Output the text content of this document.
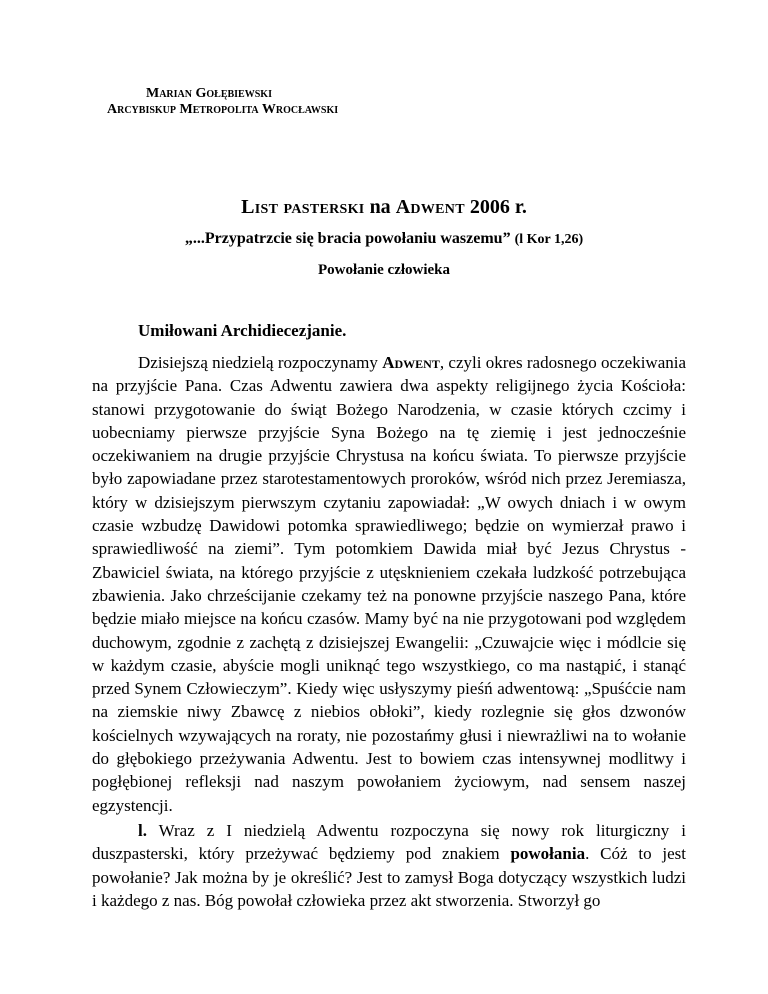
Marian Gołębiewski
Arcybiskup Metropolita Wrocławski
List pasterski na Adwent 2006 r.
„...Przypatrzcie się bracia powołaniu waszemu” (l Kor 1,26)
Powołanie człowieka
Umiłowani Archidiecezjanie.

Dzisiejszą niedzielą rozpoczynamy Adwent, czyli okres radosnego oczekiwania na przyjście Pana. Czas Adwentu zawiera dwa aspekty religijnego życia Kościoła: stanowi przygotowanie do świąt Bożego Narodzenia, w czasie których czcimy i uobecniamy pierwsze przyjście Syna Bożego na tę ziemię i jest jednocześnie oczekiwaniem na drugie przyjście Chrystusa na końcu świata. To pierwsze przyjście było zapowiadane przez starotestamentowych proroków, wśród nich przez Jeremiasza, który w dzisiejszym pierwszym czytaniu zapowiadał: „W owych dniach i w owym czasie wzbudzę Dawidowi potomka sprawiedliwego; będzie on wymierzał prawo i sprawiedliwość na ziemi”. Tym potomkiem Dawida miał być Jezus Chrystus - Zbawiciel świata, na którego przyjście z utęsknieniem czekała ludzkość potrzebująca zbawienia. Jako chrześcijanie czekamy też na ponowne przyjście naszego Pana, które będzie miało miejsce na końcu czasów. Mamy być na nie przygotowani pod względem duchowym, zgodnie z zachętą z dzisiejszej Ewangelii: „Czuwajcie więc i módlcie się w każdym czasie, abyście mogli uniknąć tego wszystkiego, co ma nastąpić, i stanąć przed Synem Człowieczym”. Kiedy więc usłyszymy pieśń adwentową: „Spuśćcie nam na ziemskie niwy Zbawcę z niebios obłoki”, kiedy rozlegnie się głos dzwonów kościelnych wzywających na roraty, nie pozostańmy głusi i niewrażliwi na to wołanie do głębokiego przeżywania Adwentu. Jest to bowiem czas intensywnej modlitwy i pogłębionej refleksji nad naszym powołaniem życiowym, nad sensem naszej egzystencji.

l. Wraz z I niedzielą Adwentu rozpoczyna się nowy rok liturgiczny i duszpasterski, który przeżywać będziemy pod znakiem powołania. Cóż to jest powołanie? Jak można by je określić? Jest to zamysł Boga dotyczący wszystkich ludzi i każdego z nas. Bóg powołał człowieka przez akt stworzenia. Stworzył go
